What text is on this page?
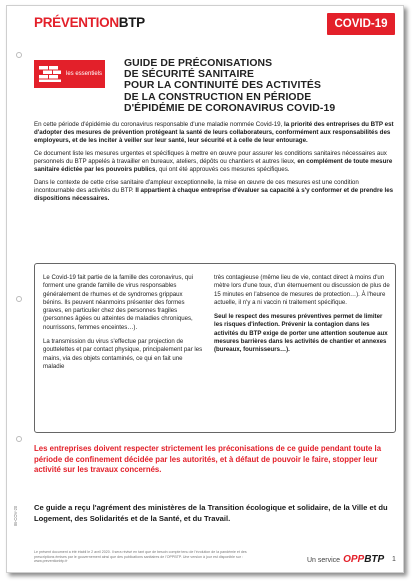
PRÉVENTIONBTP	COVID-19
les essentiels
GUIDE DE PRÉCONISATIONS
DE SÉCURITÉ SANITAIRE
POUR LA CONTINUITÉ DES ACTIVITÉS
DE LA CONSTRUCTION EN PÉRIODE
D'ÉPIDÉMIE DE CORONAVIRUS COVID-19

En cette période d'épidémie du coronavirus responsable d'une maladie nommée Covid-19, la priorité des entreprises du BTP est d'adopter des mesures de prévention protégeant la santé de leurs collaborateurs, conformément aux responsabilités des employeurs, et de les inciter à veiller sur leur santé, leur sécurité et à celle de leur entourage.

Ce document liste les mesures urgentes et spécifiques à mettre en œuvre pour assurer les conditions sanitaires nécessaires aux personnels du BTP appelés à travailler en bureaux, ateliers, dépôts ou chantiers et autres lieux, en complément de toute mesure sanitaire édictée par les pouvoirs publics, qui ont été approuvés ces mesures spécifiques.

Dans le contexte de cette crise sanitaire d'ampleur exceptionnelle, la mise en œuvre de ces mesures est une condition incontournable des activités du BTP. Il appartient à chaque entreprise d'évaluer sa capacité à s'y conformer et de prendre les dispositions nécessaires.

Le Covid-19 fait partie de la famille des coronavirus, qui forment une grande famille de virus responsables généralement de rhumes et de syndromes grippaux bénins. Ils peuvent néanmoins présenter des formes graves, en particulier chez des personnes fragiles (personnes âgées ou atteintes de maladies chroniques, nourrissons, femmes enceintes…).

La transmission du virus s'effectue par projection de gouttelettes et par contact physique, principalement par les mains, via des objets contaminés, ce qui en fait une maladie

très contagieuse (même lieu de vie, contact direct à moins d'un mètre lors d'une toux, d'un éternuement ou discussion de plus de 15 minutes en l'absence de mesures de protection…). À l'heure actuelle, il n'y a ni vaccin ni traitement spécifique.

Seul le respect des mesures préventives permet de limiter les risques d'infection. Prévenir la contagion dans les activités du BTP exige de porter une attention soutenue aux mesures barrières dans les activités de chantier et annexes (bureaux, fournisseurs…).

Les entreprises doivent respecter strictement les préconisations de ce guide pendant toute la période de confinement décidée par les autorités, et à défaut de pouvoir le faire, stopper leur activité sur les travaux concernés.
Ce guide a reçu l'agrément des ministères de la Transition écologique et solidaire, de la Ville et du Logement, des Solidarités et de la Santé, et du Travail.
IB-COV-20
Le présent document a été établi le 2 avril 2020. Il sera révisé en tant que de besoin compte tenu de l'évolution de la pandémie et des prescriptions émises par le gouvernement ainsi que des publications sanitaires de l'OPPBTP. Une version à jour est disponible sur : www.preventionbtp.fr	Un service OPPBTP 1
